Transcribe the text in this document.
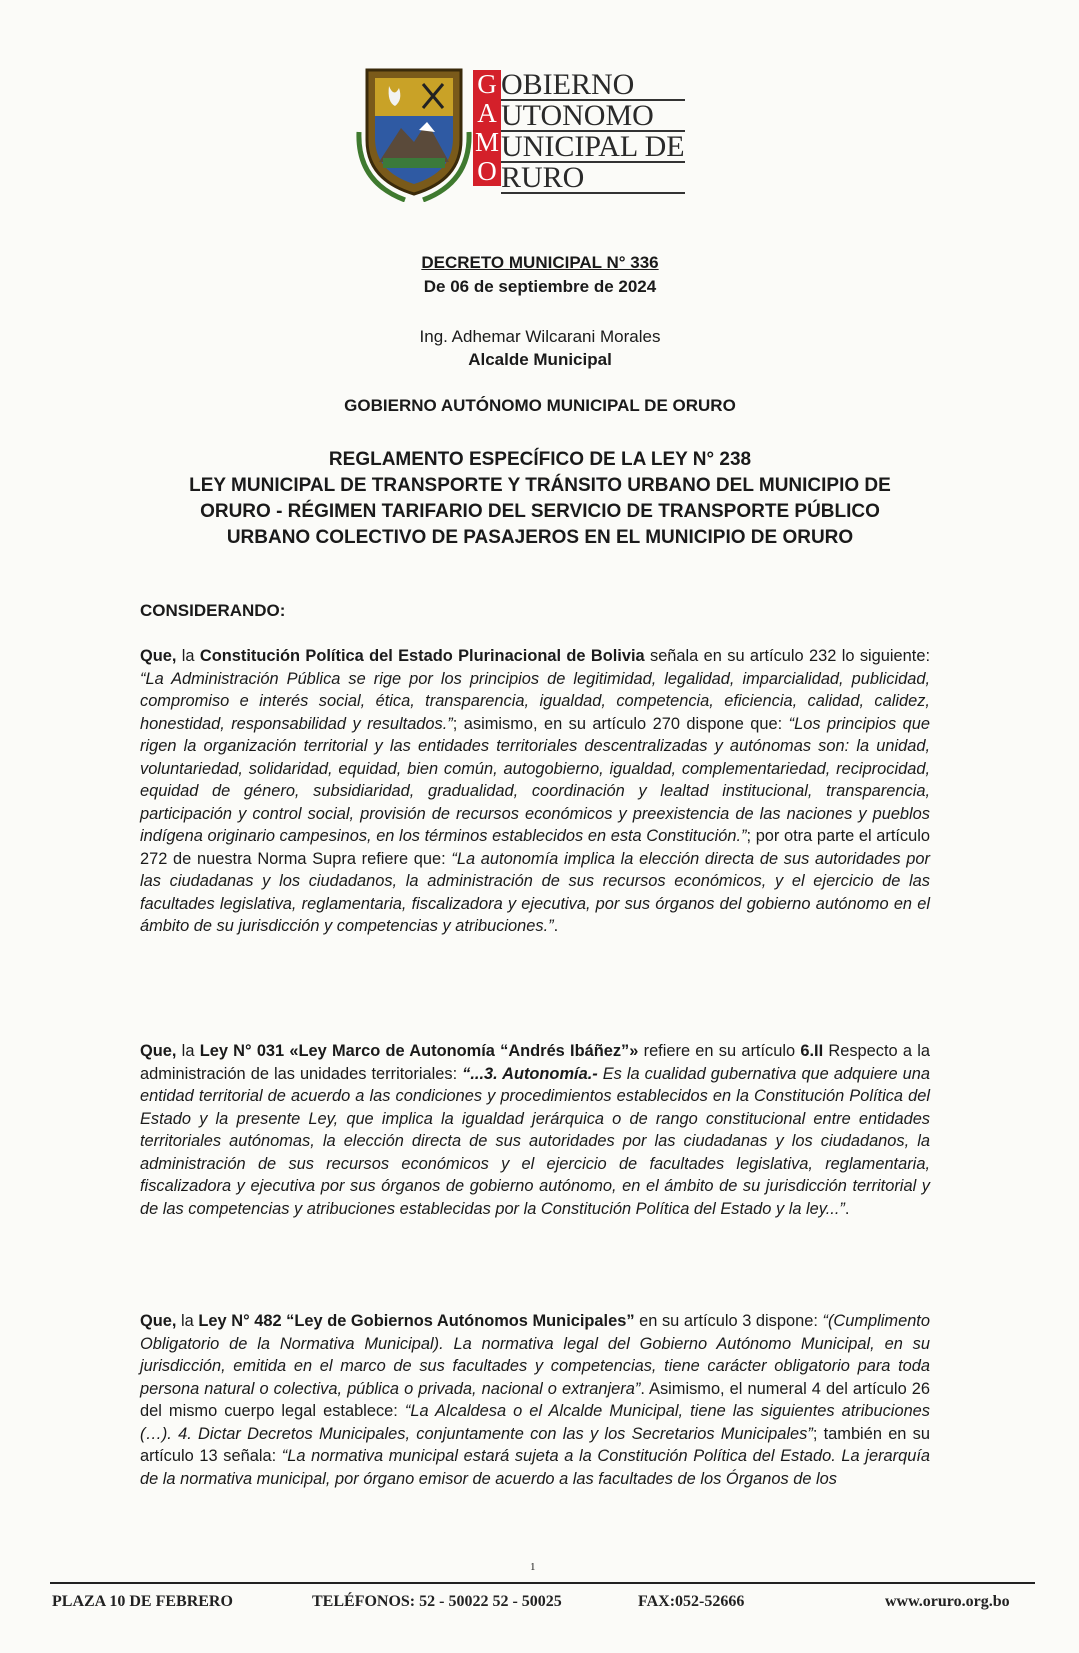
G
A
M
O
OBIERNO
UTONOMO
UNICIPAL DE
RURO
DECRETO MUNICIPAL N° 336
De 06 de septiembre de 2024
Ing. Adhemar Wilcarani Morales
Alcalde Municipal
GOBIERNO AUTÓNOMO MUNICIPAL DE ORURO
REGLAMENTO ESPECÍFICO DE LA LEY N° 238
LEY MUNICIPAL DE TRANSPORTE Y TRÁNSITO URBANO DEL MUNICIPIO DE
ORURO - RÉGIMEN TARIFARIO DEL SERVICIO DE TRANSPORTE PÚBLICO
URBANO COLECTIVO DE PASAJEROS EN EL MUNICIPIO DE ORURO
CONSIDERANDO:
Que, la Constitución Política del Estado Plurinacional de Bolivia señala en su artículo 232 lo siguiente: “La Administración Pública se rige por los principios de legitimidad, legalidad, imparcialidad, publicidad, compromiso e interés social, ética, transparencia, igualdad, competencia, eficiencia, calidad, calidez, honestidad, responsabilidad y resultados.”; asimismo, en su artículo 270 dispone que: “Los principios que rigen la organización territorial y las entidades territoriales descentralizadas y autónomas son: la unidad, voluntariedad, solidaridad, equidad, bien común, autogobierno, igualdad, complementariedad, reciprocidad, equidad de género, subsidiaridad, gradualidad, coordinación y lealtad institucional, transparencia, participación y control social, provisión de recursos económicos y preexistencia de las naciones y pueblos indígena originario campesinos, en los términos establecidos en esta Constitución.”; por otra parte el artículo 272 de nuestra Norma Supra refiere que: “La autonomía implica la elección directa de sus autoridades por las ciudadanas y los ciudadanos, la administración de sus recursos económicos, y el ejercicio de las facultades legislativa, reglamentaria, fiscalizadora y ejecutiva, por sus órganos del gobierno autónomo en el ámbito de su jurisdicción y competencias y atribuciones.”.
Que, la Ley N° 031 «Ley Marco de Autonomía “Andrés Ibáñez”» refiere en su artículo 6.II Respecto a la administración de las unidades territoriales: “...3. Autonomía.- Es la cualidad gubernativa que adquiere una entidad territorial de acuerdo a las condiciones y procedimientos establecidos en la Constitución Política del Estado y la presente Ley, que implica la igualdad jerárquica o de rango constitucional entre entidades territoriales autónomas, la elección directa de sus autoridades por las ciudadanas y los ciudadanos, la administración de sus recursos económicos y el ejercicio de facultades legislativa, reglamentaria, fiscalizadora y ejecutiva por sus órganos de gobierno autónomo, en el ámbito de su jurisdicción territorial y de las competencias y atribuciones establecidas por la Constitución Política del Estado y la ley...”.
Que, la Ley N° 482 “Ley de Gobiernos Autónomos Municipales” en su artículo 3 dispone: “(Cumplimento Obligatorio de la Normativa Municipal). La normativa legal del Gobierno Autónomo Municipal, en su jurisdicción, emitida en el marco de sus facultades y competencias, tiene carácter obligatorio para toda persona natural o colectiva, pública o privada, nacional o extranjera”. Asimismo, el numeral 4 del artículo 26 del mismo cuerpo legal establece: “La Alcaldesa o el Alcalde Municipal, tiene las siguientes atribuciones (…). 4. Dictar Decretos Municipales, conjuntamente con las y los Secretarios Municipales”; también en su artículo 13 señala: “La normativa municipal estará sujeta a la Constitución Política del Estado. La jerarquía de la normativa municipal, por órgano emisor de acuerdo a las facultades de los Órganos de los
1
PLAZA 10 DE FEBRERO	TELÉFONOS: 52 - 50022 52 - 50025	FAX:052-52666	www.oruro.org.bo
